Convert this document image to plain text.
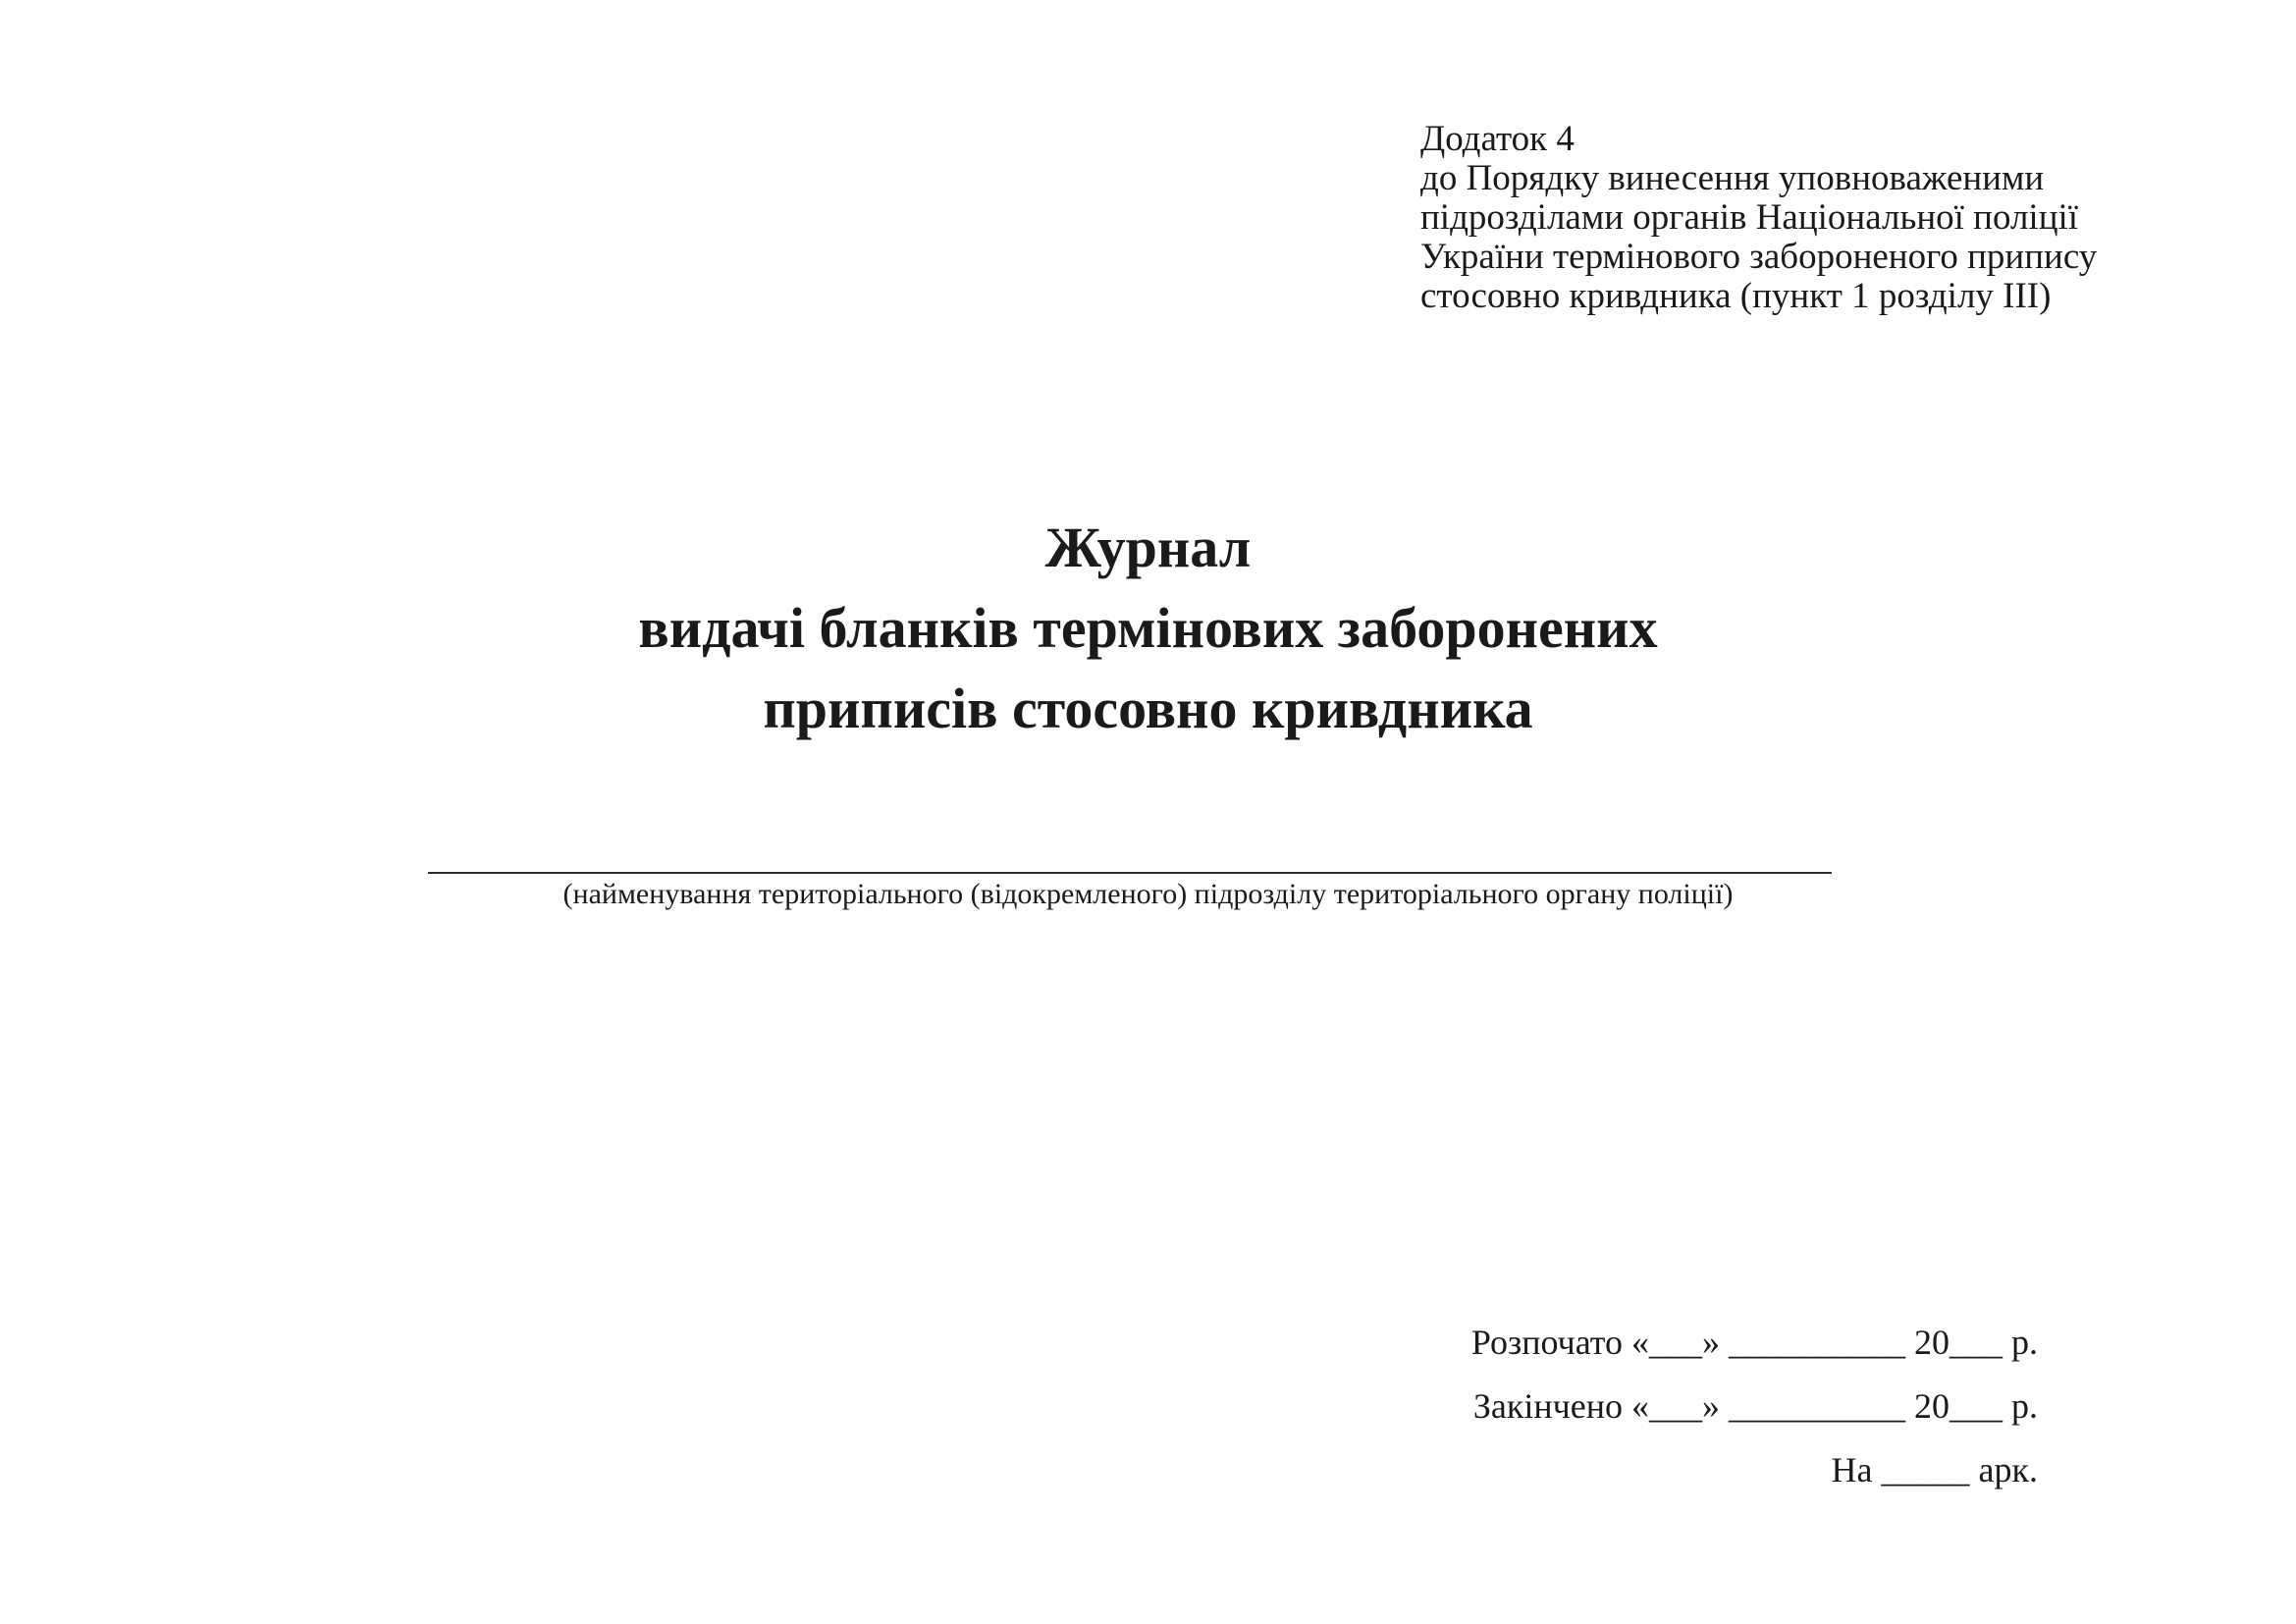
Додаток 4
до Порядку винесення уповноваженими
підрозділами органів Національної поліції
України термінового забороненого припису
стосовно кривдника (пункт 1 розділу III)
Журнал
видачі бланків термінових заборонених
приписів стосовно кривдника
(найменування територіального (відокремленого) підрозділу територіального органу поліції)
Розпочато «___» __________ 20___ р.
Закінчено «___» __________ 20___ р.
На _____ арк.
